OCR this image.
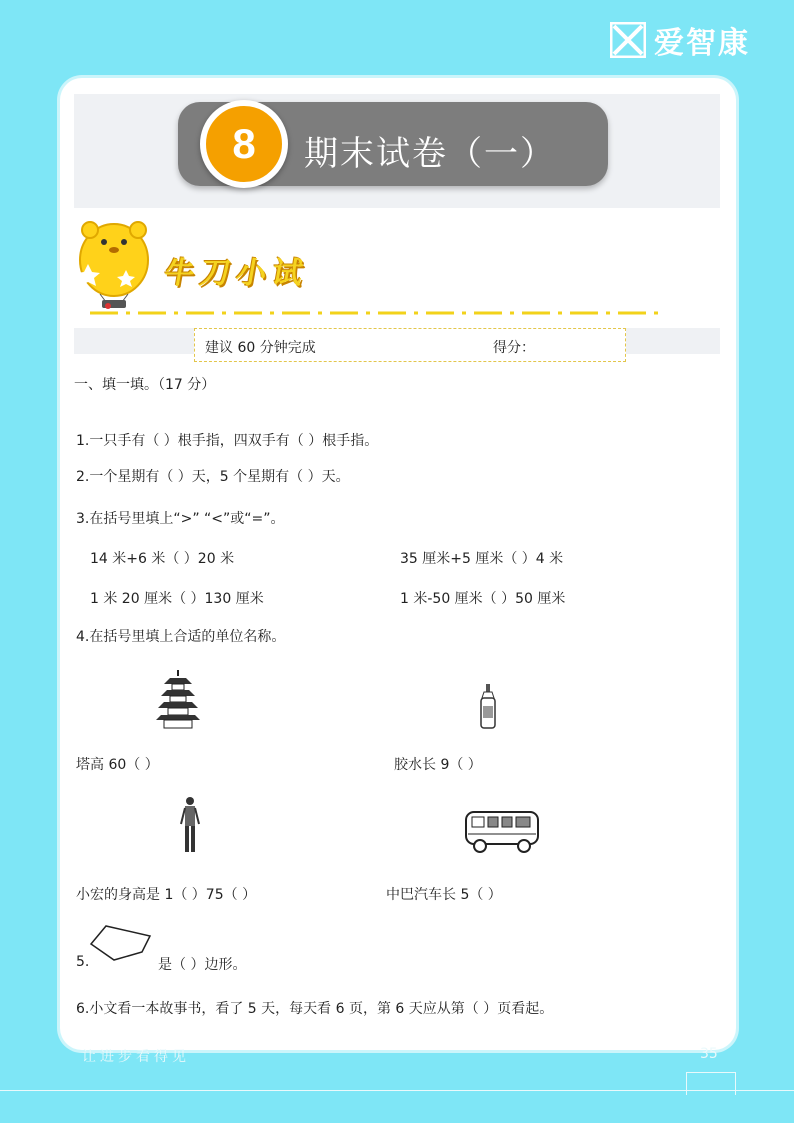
爱智康
8	期末试卷（一）
牛刀小试
建议 60 分钟完成	得分：
一、填一填。（17 分）
1.一只手有（ ）根手指，四双手有（ ）根手指。
2.一个星期有（ ）天，5 个星期有（ ）天。
3.在括号里填上“>” “<”或“=”。
14 米+6 米（ ）20 米	35 厘米+5 厘米（ ）4 米
1 米 20 厘米（ ）130 厘米	1 米-50 厘米（ ）50 厘米
4.在括号里填上合适的单位名称。
塔高 60（ ）	胶水长 9（ ）
小宏的身高是 1（ ）75（ ）	中巴汽车长 5（ ）
5.	是（ ）边形。
6.小文看一本故事书，看了 5 天，每天看 6 页，第 6 天应从第（ ）页看起。
让进步看得见	35
